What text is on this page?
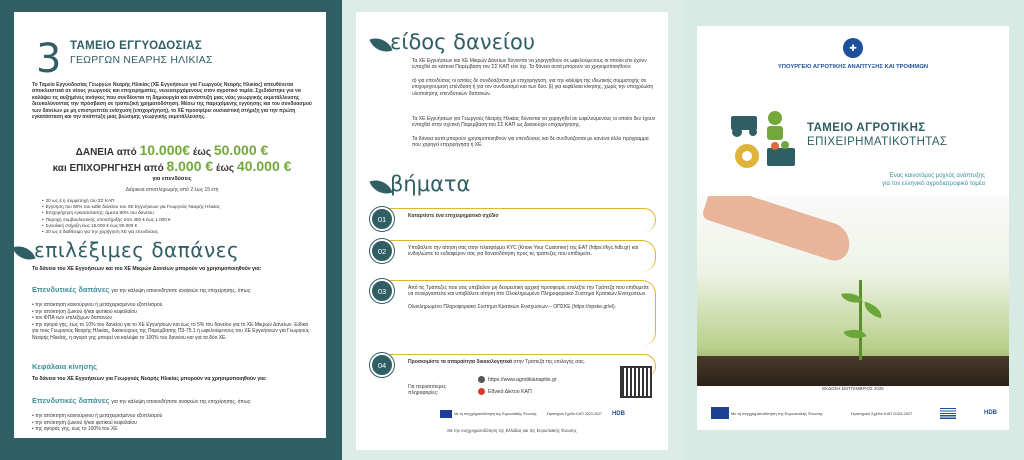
3 ΤΑΜΕΙΟ ΕΓΓΥΟΔΟΣΙΑΣ
ΓΕΩΡΓΩΝ ΝΕΑΡΗΣ ΗΛΙΚΙΑΣ
Το Ταμείο Εγγυοδοσίας Γεωργών Νεαρής Ηλικίας (ΧΕ Εγγυήσεων για Γεωργούς Νεαρής Ηλικίας) απευθύνεται αποκλειστικά σε νέους γεωργούς και επιχειρηματίες, νεοεισερχόμενους στον αγροτικό τομέα. Σχεδιάστηκε για να καλύψει τις αυξημένες ανάγκες που συνδέονται τη δημιουργία και ανάπτυξη μιας νέας γεωργικής εκμετάλλευσης διευκολύνοντας την πρόσβαση σε τραπεζική χρηματοδότηση. Μέσω της παρεχόμενης εγγύησης και του συνδυασμού των δανείων με μη επιστρεπτέα ενίσχυση (επιχορήγηση), το ΧΕ προσφέρει ουσιαστική στήριξη για την πρώτη εγκατάσταση και την ανάπτυξη μιας βιώσιμης γεωργικής εκμετάλλευσης.
ΔΑΝΕΙΑ από 10.000€ έως 50.000 €
και ΕΠΙΧΟΡΗΓΗΣΗ από 8.000 € έως 40.000 €
για επενδύσεις
Διάρκεια αποπληρωμής από 2 έως 15 έτη
• 20 ως 4 η συμμετοχή του ΣΣ ΚΑΠ
• Εγγύηση του 80% του κάθε δανείου του ΧΕ Εγγυήσεων για Γεωργούς Νεαρής Ηλικίας
• Επιχορήγηση εγκατάστασης: άμεσα 80% του δανείου
• Παροχή συμβουλευτικής υποστήριξης από 400 € έως 1.000 €
• Συνολική στήριξη έως 15.000 € έως 90.000 €
• 20 ως 4 διαθέσιμο για την χορήγηση ΧΕ για επενδύσεις
επιλέξιμες δαπάνες
Τα δάνεια του ΧΕ Εγγυήσεων και του ΧΕ Μικρών Δανείων μπορούν να χρησιμοποιηθούν για:
Επενδυτικές δαπάνες για την κάλυψη οποιονδήποτε αναγκών της επιχείρησης, όπως:
• την απόκτηση καινούργιου ή μεταχειρισμένου εξοπλισμού
• την απόκτηση ζωικού ή/και φυτικού κεφαλαίου
• τον ΦΠΑ των επιλέξιμων δαπανών
• την αγορά γης, έως το 10% του δανείου για το ΧΕ Εγγυήσεων και έως το 5% του δανείου για το ΧΕ Μικρών Δανείων. Ειδικά για τους Γεωργούς Νεαρής Ηλικίας, δικαιούχους της Παρέμβασης Π3-75.1 ή ωφελούμενους του ΧΕ Εγγυήσεων για Γεωργούς Νεαρής Ηλικίας, η αγορά γης μπορεί να καλύψει το 100% του δανείου και για τα δύο ΧΕ.
Κεφάλαια κίνησης
Τα δάνεια του ΧΕ Εγγυήσεων για Γεωργούς Νεαρής Ηλικίας μπορούν να χρησιμοποιηθούν για:
Επενδυτικές δαπάνες για την κάλυψη οποιονδήποτε αναγκών της επιχείρησης, όπως:
• την απόκτηση καινούργιου ή μεταχειρισμένου εξοπλισμού
• την απόκτηση ζωικού ή/και φυτικού κεφαλαίου
• της αγοράς γης, έως το 100% του ΧΕ
είδος δανείου
Τα ΧΕ Εγγυήσεων και ΧΕ Μικρών Δανείων δύνανται να χορηγηθούν σε ωφελούμενους οι οποίοι είτε έχουν ενταχθεί σε κάποια Παρέμβαση του ΣΣ ΚΑΠ είτε όχι. Τα δάνεια αυτά μπορούν να χρησιμοποιηθούν:
α) για επενδύσεις οι οποίες δε συνδυάζονται με επιχορήγηση, για την κάλυψη της ιδιωτικής συμμετοχής σε επιχορηγούμενη επένδυση ή για τον συνδυασμό και των δύο. β) για κεφάλαια κίνησης, χωρίς την υποχρέωση υλοποίησης επενδυτικών δαπανών.
Τα ΧΕ Εγγυήσεων για Γεωργούς Νεαρής Ηλικίας δύνανται να χορηγηθεί σε ωφελούμενους οι οποίοι δεν έχουν ενταχθεί στην σχετική Παρέμβαση του ΣΣ ΚΑΠ ως Δικαιούχοι επιχορήγησης.
Τα δάνεια αυτά μπορούν χρησιμοποιηθούν για επενδύσεις και δε συνδυάζονται με κανένα άλλο πρόγραμμα που χορηγεί επιχορήγηση ή ΧΕ.
βήματα
01	Καταρτίστε ένα επιχειρηματικό σχέδιο
02	Υποβάλετε την αίτηση σας στην πλατφόρμα KYC (Know Your Customer) της ΕΑΤ (https://kyc.hdb.gr) και ενδιηλώστε το ενδιαφέρον σας για δανειοδότηση προς τις τράπεζες που επιθυμείτε.
03	Από τις Τράπεζες που σας υπέβαλον μη δεσμευτική αρχική προσφορά, επιλέξτε την Τράπεζα που επιθυμείτε να συνεργαστείτε και υποβάλετε αίτηση στο Ολοκληρωμένο Πληροφοριακό Σύστημα Κρατικών Ενισχύσεων.
Ολοκληρωμένο Πληροφοριακό Σύστημα Κρατικών Ενισχύσεων – ΟΠΣΚΕ (https://opske.gr/el).
04	Προσκομίστε τα απαραίτητα δικαιολογητικά στην Τράπεζα της επιλογής σας.
Για περισσότερες πληροφορίες:
https://www.agrotikianaptixi.gr
Εθνικό Δίκτυο ΚΑΠ
Με τη συγχρηματοδότηση της Ευρωπαϊκής Ένωσης	Στρατηγικό Σχέδιο ΚΑΠ 2023-2027 HDB
Με την συγχρηματοδότηση της Ελλάδας και της Ευρωπαϊκής Ένωσης
✚
ΥΠΟΥΡΓΕΙΟ ΑΓΡΟΤΙΚΗΣ ΑΝΑΠΤΥΞΗΣ ΚΑΙ ΤΡΟΦΙΜΩΝ
ΤΑΜΕΙΟ ΑΓΡΟΤΙΚΗΣ
ΕΠΙΧΕΙΡΗΜΑΤΙΚΟΤΗΤΑΣ
Ένας καινοτόμος μοχλός ανάπτυξης
για τον ελληνικό αγροδιατροφικό τομέα
ΕΚΔΟΣΗ ΣΕΠΤΕΜΒΡΙΟΣ 2025
Με τη συγχρηματοδότηση της Ευρωπαϊκής Ένωσης	Στρατηγικό Σχέδιο ΚΑΠ 2023-2027	HDB
